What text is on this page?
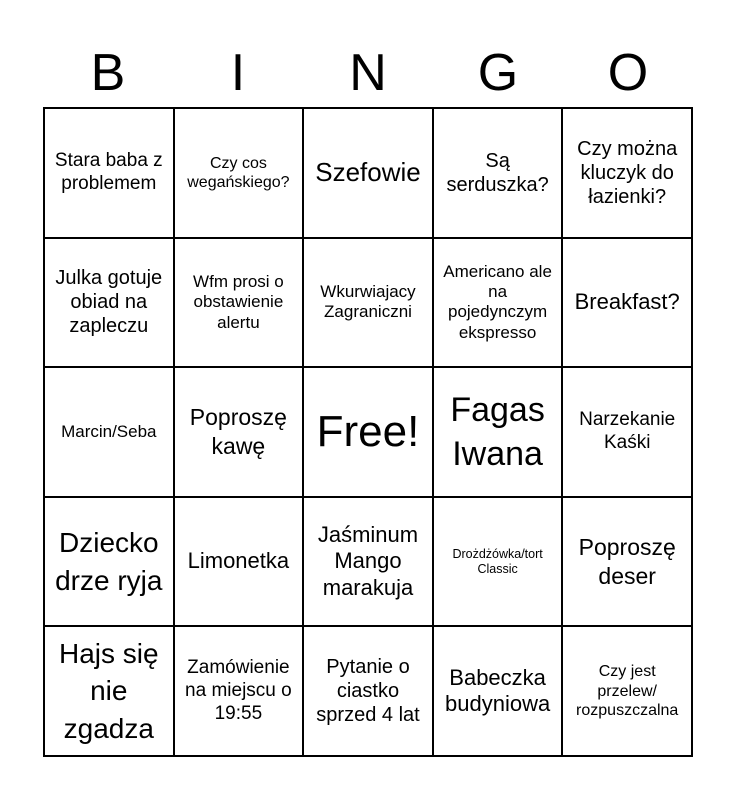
B	I	N	G	O
Stara baba z problemem
Czy cos wegańskiego? Szefowie	Są serduszka?
Czy można kluczyk do łazienki?
Julka gotuje obiad na zapleczu
Wfm prosi o obstawienie alertu
Wkurwiajacy Zagraniczni
Americano ale na pojedynczym ekspresso
Breakfast?
Marcin/Seba
Poproszę kawę	Free! Fagas Iwana
Narzekanie Kaśki
Dziecko drze ryja
Limonetka
Jaśminum Mango marakuja
Drożdżówka/tort Classic
Poproszę deser
Hajs się nie zgadza
Zamówienie na miejscu o 19:55
Pytanie o ciastko sprzed 4 lat
Babeczka budyniowa
Czy jest przelew/ rozpuszczalna
